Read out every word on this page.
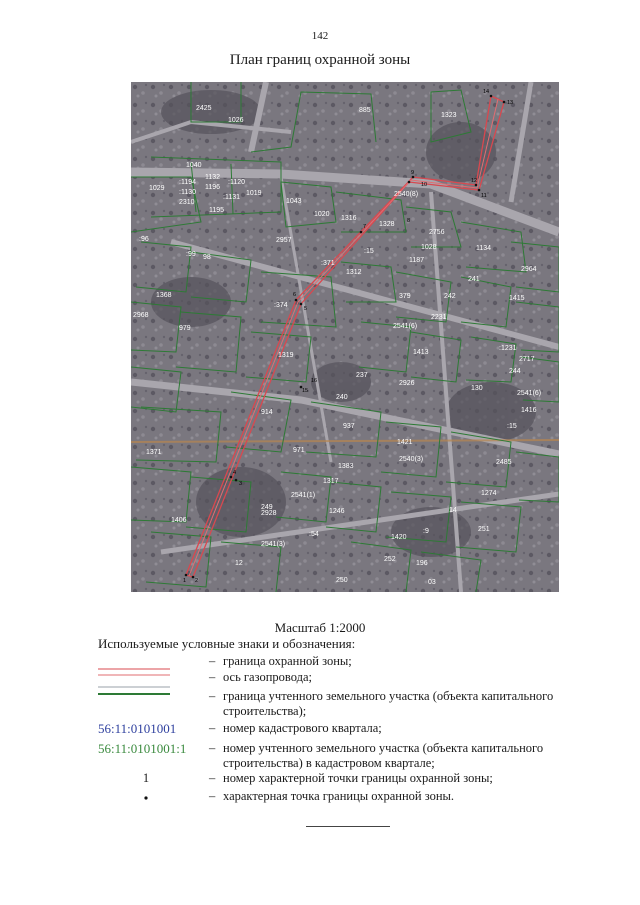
142
План границ охранной зоны
1 2
3
4
5
6
7
8
9
10
11
12
13
14
15
16
2425
1026
885
1323
1040
1029
:1194
:1130
1132
1196
:1120
2310
:1131
1195
1019	2540(8)
1043
1020
1316
1328
2756
1028	1134
:96	2957
:15
:371
1312
1187
2964
:99 98
241
1368
:374
379	242	1415
2968
979
2231
2541(6)
1319	1413
:1231
2717
237
2926
130
244
240
2541(6)
1416
914
937	:15
1371
1421
971
2540(3)	2485
1383
1317
249
2541(1)	1274
2928	1246	14
1406
:54	:9	251
2541(3)
1420
12
252
196
250	03
Масштаб 1:2000
Используемые условные знаки и обозначения:
– граница охранной зоны;
– ось газопровода;
– граница учтенного земельного участка (объекта капитального строительства);
56:11:0101001	– номер кадастрового квартала;
56:11:0101001:1	– номер учтенного земельного участка (объекта капитального строительства) в кадастровом квартале;
1	– номер характерной точки границы охранной зоны;
– характерная точка границы охранной зоны.
